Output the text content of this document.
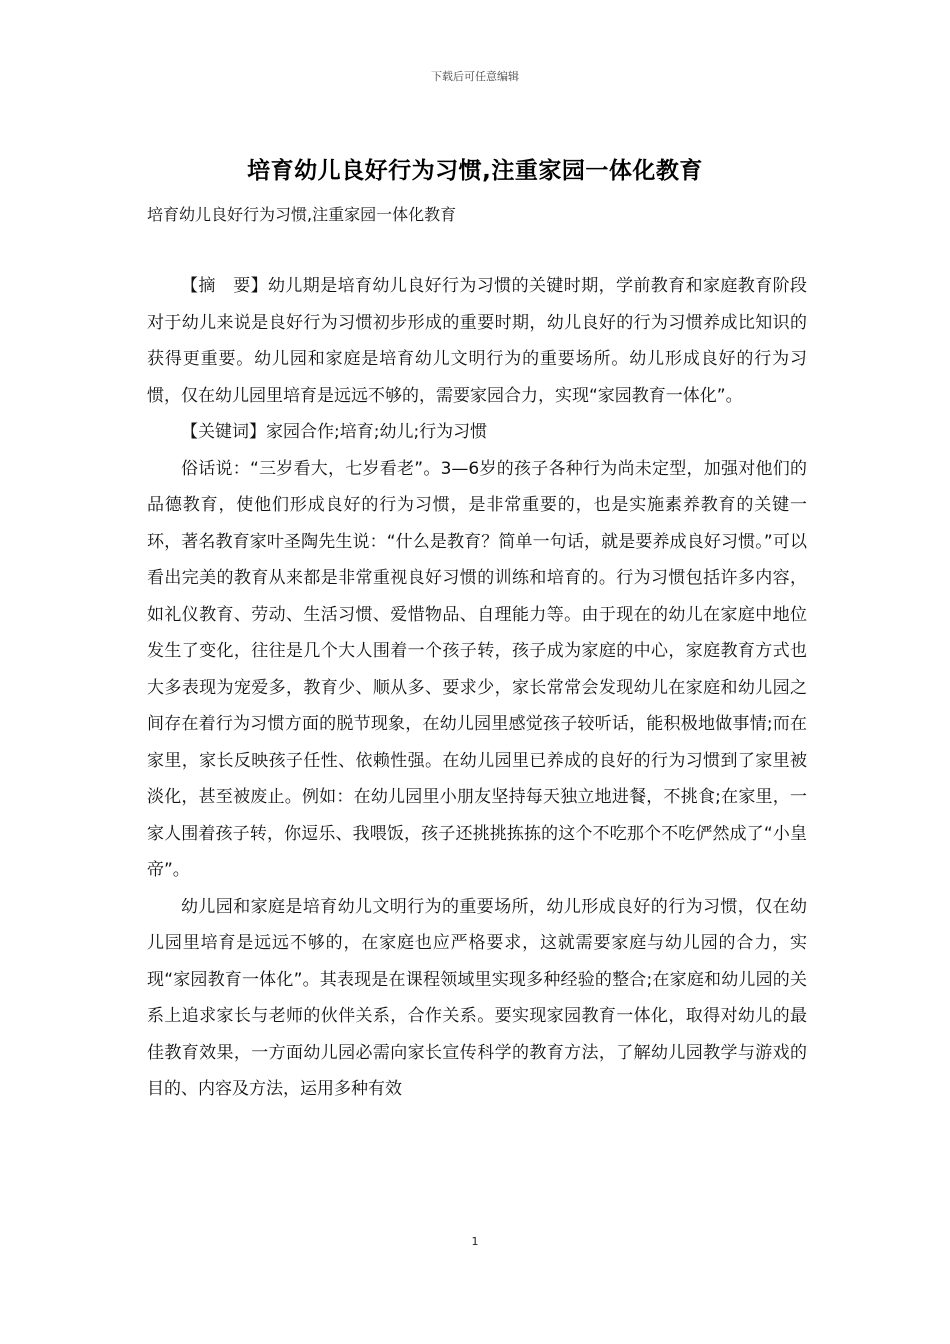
下载后可任意编辑
培育幼儿良好行为习惯,注重家园一体化教育
培育幼儿良好行为习惯,注重家园一体化教育

【摘　要】幼儿期是培育幼儿良好行为习惯的关键时期，学前教育和家庭教育阶段对于幼儿来说是良好行为习惯初步形成的重要时期，幼儿良好的行为习惯养成比知识的获得更重要。幼儿园和家庭是培育幼儿文明行为的重要场所。幼儿形成良好的行为习惯，仅在幼儿园里培育是远远不够的，需要家园合力，实现“家园教育一体化”。

【关键词】家园合作;培育;幼儿;行为习惯

俗话说：“三岁看大，七岁看老”。3—6岁的孩子各种行为尚未定型，加强对他们的品德教育，使他们形成良好的行为习惯，是非常重要的，也是实施素养教育的关键一环，著名教育家叶圣陶先生说：“什么是教育？简单一句话，就是要养成良好习惯。”可以看出完美的教育从来都是非常重视良好习惯的训练和培育的。行为习惯包括许多内容，如礼仪教育、劳动、生活习惯、爱惜物品、自理能力等。由于现在的幼儿在家庭中地位发生了变化，往往是几个大人围着一个孩子转，孩子成为家庭的中心，家庭教育方式也大多表现为宠爱多，教育少、顺从多、要求少，家长常常会发现幼儿在家庭和幼儿园之间存在着行为习惯方面的脱节现象，在幼儿园里感觉孩子较听话，能积极地做事情;而在家里，家长反映孩子任性、依赖性强。在幼儿园里已养成的良好的行为习惯到了家里被淡化，甚至被废止。例如：在幼儿园里小朋友坚持每天独立地进餐，不挑食;在家里，一家人围着孩子转，你逗乐、我喂饭，孩子还挑挑拣拣的这个不吃那个不吃俨然成了“小皇帝”。

幼儿园和家庭是培育幼儿文明行为的重要场所，幼儿形成良好的行为习惯，仅在幼儿园里培育是远远不够的，在家庭也应严格要求，这就需要家庭与幼儿园的合力，实现“家园教育一体化”。其表现是在课程领域里实现多种经验的整合;在家庭和幼儿园的关系上追求家长与老师的伙伴关系，合作关系。要实现家园教育一体化，取得对幼儿的最佳教育效果，一方面幼儿园必需向家长宣传科学的教育方法，了解幼儿园教学与游戏的目的、内容及方法，运用多种有效

1
